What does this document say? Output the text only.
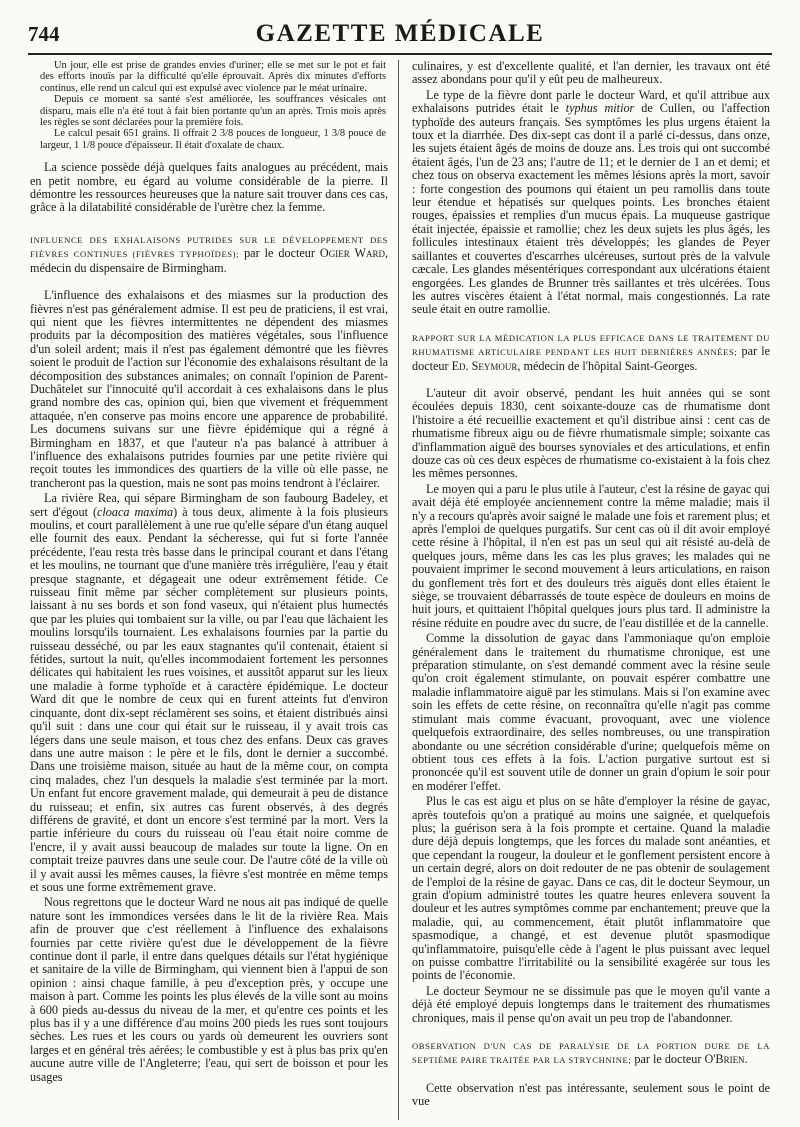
744	GAZETTE MÉDICALE

Un jour, elle est prise de grandes envies d'uriner; elle se met sur le pot et fait des efforts inouïs par la difficulté qu'elle éprouvait. Après dix minutes d'efforts continus, elle rend un calcul qui est expulsé avec violence par le méat urinaire.

Depuis ce moment sa santé s'est améliorée, les souffrances vésicales ont disparu, mais elle n'a été tout à fait bien portante qu'un an après. Trois mois après les règles se sont déclarées pour la première fois.

Le calcul pesait 651 grains. Il offrait 2 3/8 pouces de longueur, 1 3/8 pouce de largeur, 1 1/8 pouce d'épaisseur. Il était d'oxalate de chaux.

La science possède déjà quelques faits analogues au précédent, mais en petit nombre, eu égard au volume considérable de la pierre. Il démontre les ressources heureuses que la nature sait trouver dans ces cas, grâce à la dilatabilité considérable de l'urètre chez la femme.

INFLUENCE DES EXHALAISONS PUTRIDES SUR LE DÉVELOPPEMENT DES FIÈVRES CONTINUES (FIÈVRES TYPHOÏDES); par le docteur Ogier Ward, médecin du dispensaire de Birmingham.

L'influence des exhalaisons et des miasmes sur la production des fièvres n'est pas généralement admise. Il est peu de praticiens, il est vrai, qui nient que les fièvres intermittentes ne dépendent des miasmes produits par la décomposition des matières végétales, sous l'influence d'un soleil ardent; mais il n'est pas également démontré que les fièvres soient le produit de l'action sur l'économie des exhalaisons résultant de la décomposition des substances animales; on connaît l'opinion de Parent-Duchâtelet sur l'innocuité qu'il accordait à ces exhalaisons dans le plus grand nombre des cas, opinion qui, bien que vivement et fréquemment attaquée, n'en conserve pas moins encore une apparence de probabilité. Les documens suivans sur une fièvre épidémique qui a régné à Birmingham en 1837, et que l'auteur n'a pas balancé à attribuer à l'influence des exhalaisons putrides fournies par une petite rivière qui reçoit toutes les immondices des quartiers de la ville où elle passe, ne trancheront pas la question, mais ne sont pas moins tendront à l'éclairer.

La rivière Rea, qui sépare Birmingham de son faubourg Badeley, et sert d'égout (cloaca maxima) à tous deux, alimente à la fois plusieurs moulins, et court parallèlement à une rue qu'elle sépare d'un étang auquel elle fournit des eaux. Pendant la sécheresse, qui fut si forte l'année précédente, l'eau resta très basse dans le principal courant et dans l'étang et les moulins, ne tournant que d'une manière très irrégulière, l'eau y était presque stagnante, et dégageait une odeur extrêmement fétide. Ce ruisseau finit même par sécher complètement sur plusieurs points, laissant à nu ses bords et son fond vaseux, qui n'étaient plus humectés que par les pluies qui tombaient sur la ville, ou par l'eau que lâchaient les moulins lorsqu'ils tournaient. Les exhalaisons fournies par la partie du ruisseau desséché, ou par les eaux stagnantes qu'il contenait, étaient si fétides, surtout la nuit, qu'elles incommodaient fortement les personnes délicates qui habitaient les rues voisines, et aussitôt apparut sur les lieux une maladie à forme typhoïde et à caractère épidémique. Le docteur Ward dit que le nombre de ceux qui en furent atteints fut d'environ cinquante, dont dix-sept réclamèrent ses soins, et étaient distribués ainsi qu'il suit : dans une cour qui était sur le ruisseau, il y avait trois cas légers dans une seule maison, et tous chez des enfans. Deux cas graves dans une autre maison : le père et le fils, dont le dernier a succombé. Dans une troisième maison, située au haut de la même cour, on compta cinq malades, chez l'un desquels la maladie s'est terminée par la mort. Un enfant fut encore gravement malade, qui demeurait à peu de distance du ruisseau; et enfin, six autres cas furent observés, à des degrés différens de gravité, et dont un encore s'est terminé par la mort. Vers la partie inférieure du cours du ruisseau où l'eau était noire comme de l'encre, il y avait aussi beaucoup de malades sur toute la ligne. On en comptait treize pauvres dans une seule cour. De l'autre côté de la ville où il y avait aussi les mêmes causes, la fièvre s'est montrée en même temps et sous une forme extrêmement grave.

Nous regrettons que le docteur Ward ne nous ait pas indiqué de quelle nature sont les immondices versées dans le lit de la rivière Rea. Mais afin de prouver que c'est réellement à l'influence des exhalaisons fournies par cette rivière qu'est due le développement de la fièvre continue dont il parle, il entre dans quelques détails sur l'état hygiénique et sanitaire de la ville de Birmingham, qui viennent bien à l'appui de son opinion : ainsi chaque famille, à peu d'exception près, y occupe une maison à part. Comme les points les plus élevés de la ville sont au moins à 600 pieds au-dessus du niveau de la mer, et qu'entre ces points et les plus bas il y a une différence d'au moins 200 pieds les rues sont toujours sèches. Les rues et les cours ou yards où demeurent les ouvriers sont larges et en général très aérées; le combustible y est à plus bas prix qu'en aucune autre ville de l'Angleterre; l'eau, qui sert de boisson et pour les usages

culinaires, y est d'excellente qualité, et l'an dernier, les travaux ont été assez abondans pour qu'il y eût peu de malheureux.

Le type de la fièvre dont parle le docteur Ward, et qu'il attribue aux exhalaisons putrides était le typhus mitior de Cullen, ou l'affection typhoïde des auteurs français. Ses symptômes les plus urgens étaient la toux et la diarrhée. Des dix-sept cas dont il a parlé ci-dessus, dans onze, les sujets étaient âgés de moins de douze ans. Les trois qui ont succombé étaient âgés, l'un de 23 ans; l'autre de 11; et le dernier de 1 an et demi; et chez tous on observa exactement les mêmes lésions après la mort, savoir : forte congestion des poumons qui étaient un peu ramollis dans toute leur étendue et hépatisés sur quelques points. Les bronches étaient rouges, épaissies et remplies d'un mucus épais. La muqueuse gastrique était injectée, épaissie et ramollie; chez les deux sujets les plus âgés, les follicules intestinaux étaient très développés; les glandes de Peyer saillantes et couvertes d'escarrhes ulcéreuses, surtout près de la valvule cæcale. Les glandes mésentériques correspondant aux ulcérations étaient engorgées. Les glandes de Brunner très saillantes et très ulcérées. Tous les autres viscères étaient à l'état normal, mais congestionnés. La rate seule était en outre ramollie.

RAPPORT SUR LA MÉDICATION LA PLUS EFFICACE DANS LE TRAITEMENT DU RHUMATISME ARTICULAIRE PENDANT LES HUIT DERNIÈRES ANNÉES; par le docteur Ed. Seymour, médecin de l'hôpital Saint-Georges.

L'auteur dit avoir observé, pendant les huit années qui se sont écoulées depuis 1830, cent soixante-douze cas de rhumatisme dont l'histoire a été recueillie exactement et qu'il distribue ainsi : cent cas de rhumatisme fibreux aigu ou de fièvre rhumatismale simple; soixante cas d'inflammation aiguë des bourses synoviales et des articulations, et enfin douze cas où ces deux espèces de rhumatisme co-existaient à la fois chez les mêmes personnes.

Le moyen qui a paru le plus utile à l'auteur, c'est la résine de gayac qui avait déjà été employée anciennement contre la même maladie; mais il n'y a recours qu'après avoir saigné le malade une fois et rarement plus; et après l'emploi de quelques purgatifs. Sur cent cas où il dit avoir employé cette résine à l'hôpital, il n'en est pas un seul qui ait résisté au-delà de quelques jours, même dans les cas les plus graves; les malades qui ne pouvaient imprimer le second mouvement à leurs articulations, en raison du gonflement très fort et des douleurs très aiguës dont elles étaient le siège, se trouvaient débarrassés de toute espèce de douleurs en moins de huit jours, et quittaient l'hôpital quelques jours plus tard. Il administre la résine réduite en poudre avec du sucre, de l'eau distillée et de la cannelle.

Comme la dissolution de gayac dans l'ammoniaque qu'on emploie généralement dans le traitement du rhumatisme chronique, est une préparation stimulante, on s'est demandé comment avec la résine seule qu'on croit également stimulante, on pouvait espérer combattre une maladie inflammatoire aiguë par les stimulans. Mais si l'on examine avec soin les effets de cette résine, on reconnaîtra qu'elle n'agit pas comme stimulant mais comme évacuant, provoquant, avec une violence quelquefois extraordinaire, des selles nombreuses, ou une transpiration abondante ou une sécrétion considérable d'urine; quelquefois même on obtient tous ces effets à la fois. L'action purgative surtout est si prononcée qu'il est souvent utile de donner un grain d'opium le soir pour en modérer l'effet.

Plus le cas est aigu et plus on se hâte d'employer la résine de gayac, après toutefois qu'on a pratiqué au moins une saignée, et quelquefois plus; la guérison sera à la fois prompte et certaine. Quand la maladie dure déjà depuis longtemps, que les forces du malade sont anéanties, et que cependant la rougeur, la douleur et le gonflement persistent encore à un certain degré, alors on doit redouter de ne pas obtenir de soulagement de l'emploi de la résine de gayac. Dans ce cas, dit le docteur Seymour, un grain d'opium administré toutes les quatre heures enlevera souvent la douleur et les autres symptômes comme par enchantement; preuve que la maladie, qui, au commencement, était plutôt inflammatoire que spasmodique, a changé, et est devenue plutôt spasmodique qu'inflammatoire, puisqu'elle cède à l'agent le plus puissant avec lequel on puisse combattre l'irritabilité ou la sensibilité exagérée sur tous les points de l'économie.

Le docteur Seymour ne se dissimule pas que le moyen qu'il vante a déjà été employé depuis longtemps dans le traitement des rhumatismes chroniques, mais il pense qu'on avait un peu trop de l'abandonner.

OBSERVATION D'UN CAS DE PARALYSIE DE LA PORTION DURE DE LA SEPTIÈME PAIRE TRAITÉE PAR LA STRYCHNINE; par le docteur O'Brien.

Cette observation n'est pas intéressante, seulement sous le point de vue
